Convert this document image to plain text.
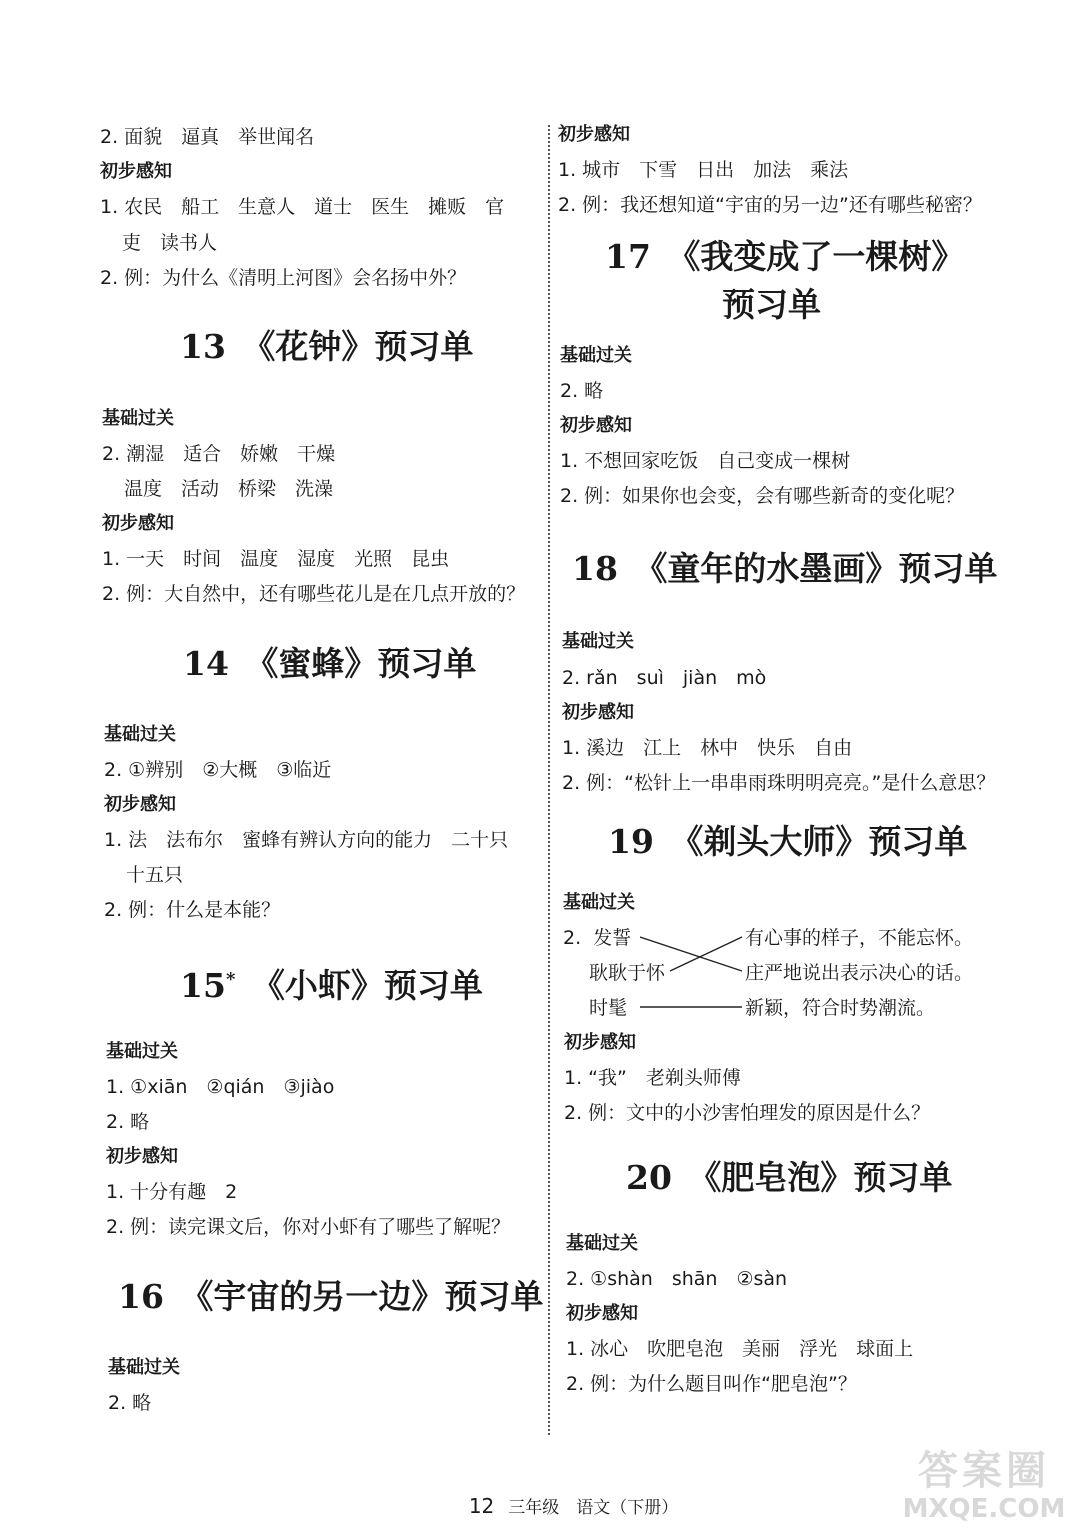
2. 面貌　逼真　举世闻名
初步感知
1. 农民　船工　生意人　道士　医生　摊贩　官
吏　读书人
2. 例：为什么《清明上河图》会名扬中外？
13　《花钟》预习单
基础过关
2. 潮湿　适合　娇嫩　干燥
温度　活动　桥梁　洗澡
初步感知
1. 一天　时间　温度　湿度　光照　昆虫
2. 例：大自然中，还有哪些花儿是在几点开放的？
14　《蜜蜂》预习单
基础过关
2. ①辨别　②大概　③临近
初步感知
1. 法　法布尔　蜜蜂有辨认方向的能力　二十只
十五只
2. 例：什么是本能？
15*　《小虾》预习单
基础过关
1. ①xiān　②qián　③jiào
2. 略
初步感知
1. 十分有趣　2
2. 例：读完课文后，你对小虾有了哪些了解呢？
16　《宇宙的另一边》预习单
基础过关
2. 略
初步感知
1. 城市　下雪　日出　加法　乘法
2. 例：我还想知道“宇宙的另一边”还有哪些秘密？
17　《我变成了一棵树》
预习单
基础过关
2. 略
初步感知
1. 不想回家吃饭　自己变成一棵树
2. 例：如果你也会变，会有哪些新奇的变化呢？
18　《童年的水墨画》预习单
基础过关
2. rǎn　suì　jiàn　mò
初步感知
1. 溪边　江上　林中　快乐　自由
2. 例：“松针上一串串雨珠明明亮亮。”是什么意思？
19　《剃头大师》预习单
基础过关
2.  发誓
耿耿于怀
时髦
有心事的样子，不能忘怀。
庄严地说出表示决心的话。
新颖，符合时势潮流。
初步感知
1. “我”　老剃头师傅
2. 例：文中的小沙害怕理发的原因是什么？
20　《肥皂泡》预习单
基础过关
2. ①shàn　shān　②sàn
初步感知
1. 冰心　吹肥皂泡　美丽　浮光　球面上
2. 例：为什么题目叫作“肥皂泡”？

12 三年级　 语文（下册）

答案圈
MXQE.COM
